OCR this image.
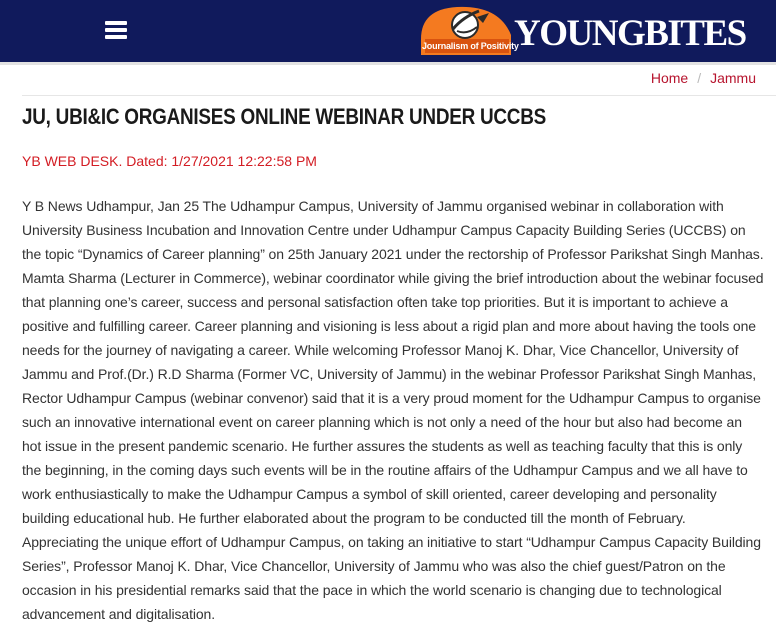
Journalism of Positivity
YOUNGBITES
Home / Jammu
JU, UBI&IC ORGANISES ONLINE WEBINAR UNDER UCCBS
YB WEB DESK. Dated: 1/27/2021 12:22:58 PM

Y B News Udhampur, Jan 25 The Udhampur Campus, University of Jammu organised webinar in collaboration with University Business Incubation and Innovation Centre under Udhampur Campus Capacity Building Series (UCCBS) on the topic “Dynamics of Career planning” on 25th January 2021 under the rectorship of Professor Parikshat Singh Manhas. Mamta Sharma (Lecturer in Commerce), webinar coordinator while giving the brief introduction about the webinar focused that planning one’s career, success and personal satisfaction often take top priorities. But it is important to achieve a positive and fulfilling career. Career planning and visioning is less about a rigid plan and more about having the tools one needs for the journey of navigating a career. While welcoming Professor Manoj K. Dhar, Vice Chancellor, University of Jammu and Prof.(Dr.) R.D Sharma (Former VC, University of Jammu) in the webinar Professor Parikshat Singh Manhas, Rector Udhampur Campus (webinar convenor) said that it is a very proud moment for the Udhampur Campus to organise such an innovative international event on career planning which is not only a need of the hour but also had become an hot issue in the present pandemic scenario. He further assures the students as well as teaching faculty that this is only the beginning, in the coming days such events will be in the routine affairs of the Udhampur Campus and we all have to work enthusiastically to make the Udhampur Campus a symbol of skill oriented, career developing and personality building educational hub. He further elaborated about the program to be conducted till the month of February. Appreciating the unique effort of Udhampur Campus, on taking an initiative to start “Udhampur Campus Capacity Building Series”, Professor Manoj K. Dhar, Vice Chancellor, University of Jammu who was also the chief guest/Patron on the occasion in his presidential remarks said that the pace in which the world scenario is changing due to technological advancement and digitalisation.
